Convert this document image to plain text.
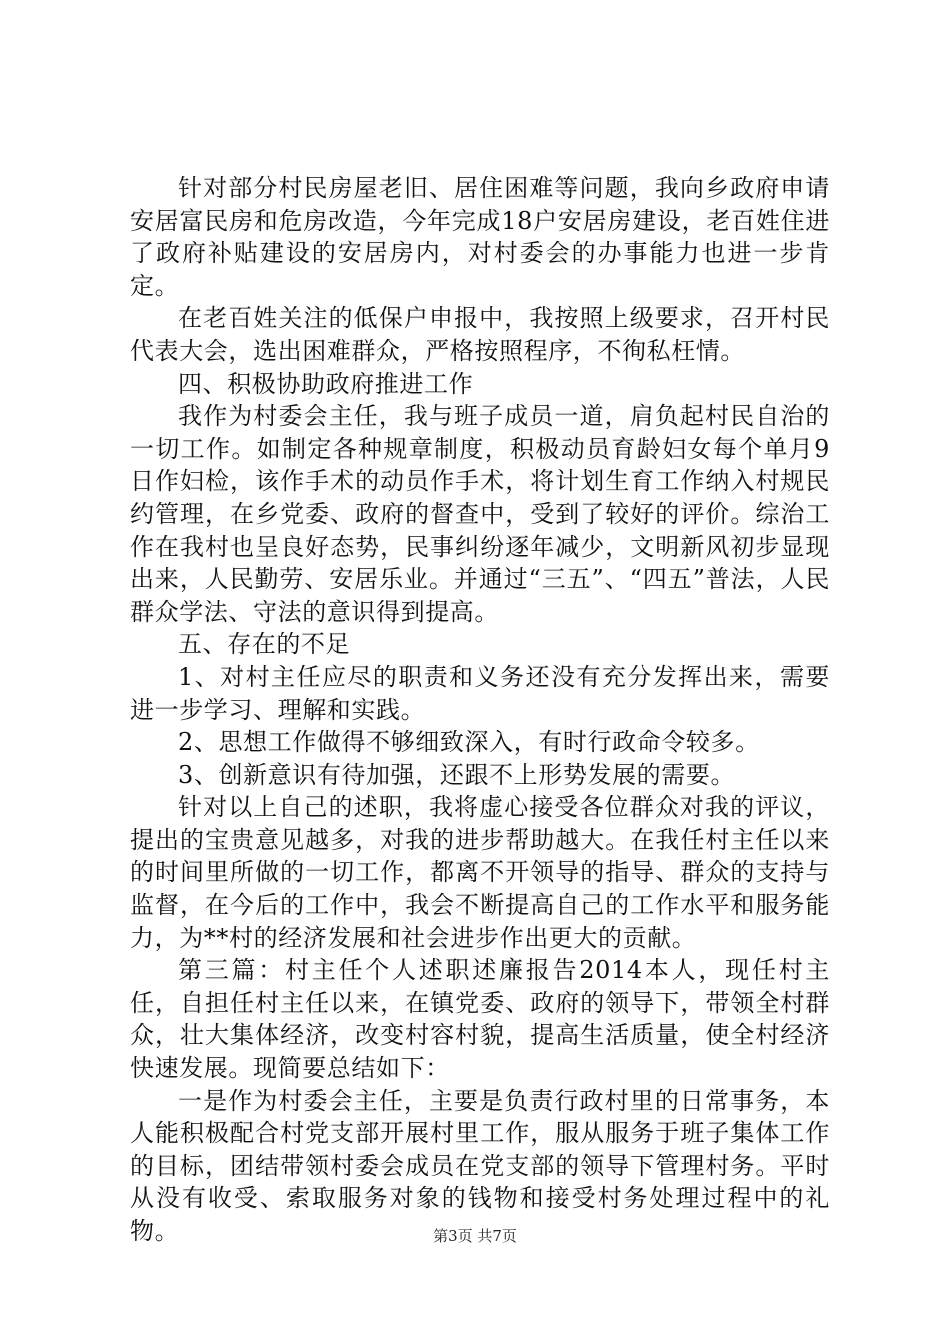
针对部分村民房屋老旧、居住困难等问题，我向乡政府申请安居富民房和危房改造，今年完成18户安居房建设，老百姓住进了政府补贴建设的安居房内，对村委会的办事能力也进一步肯定。

在老百姓关注的低保户申报中，我按照上级要求，召开村民代表大会，选出困难群众，严格按照程序，不徇私枉情。

四、积极协助政府推进工作

我作为村委会主任，我与班子成员一道，肩负起村民自治的一切工作。如制定各种规章制度，积极动员育龄妇女每个单月9日作妇检，该作手术的动员作手术，将计划生育工作纳入村规民约管理，在乡党委、政府的督查中，受到了较好的评价。综治工作在我村也呈良好态势，民事纠纷逐年减少，文明新风初步显现出来，人民勤劳、安居乐业。并通过“三五”、“四五”普法，人民群众学法、守法的意识得到提高。

五、存在的不足

1、对村主任应尽的职责和义务还没有充分发挥出来，需要进一步学习、理解和实践。

2、思想工作做得不够细致深入，有时行政命令较多。

3、创新意识有待加强，还跟不上形势发展的需要。

针对以上自己的述职，我将虚心接受各位群众对我的评议，提出的宝贵意见越多，对我的进步帮助越大。在我任村主任以来的时间里所做的一切工作，都离不开领导的指导、群众的支持与监督，在今后的工作中，我会不断提高自己的工作水平和服务能力，为**村的经济发展和社会进步作出更大的贡献。

第三篇：村主任个人述职述廉报告2014本人，现任村主任，自担任村主任以来，在镇党委、政府的领导下，带领全村群众，壮大集体经济，改变村容村貌，提高生活质量，使全村经济快速发展。现简要总结如下：

一是作为村委会主任，主要是负责行政村里的日常事务，本人能积极配合村党支部开展村里工作，服从服务于班子集体工作的目标，团结带领村委会成员在党支部的领导下管理村务。平时从没有收受、索取服务对象的钱物和接受村务处理过程中的礼物。	第3页 共7页
